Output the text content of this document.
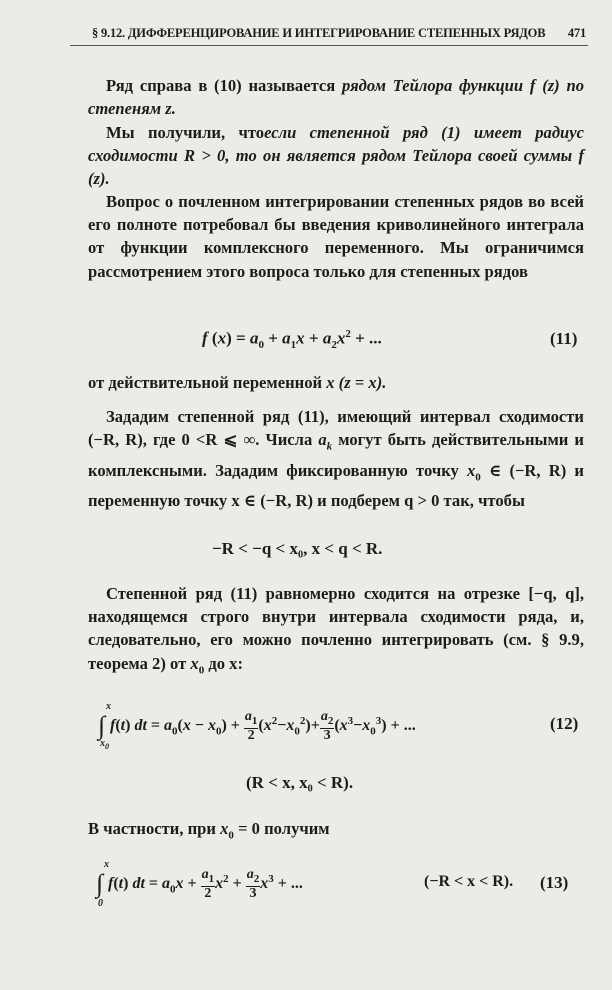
§ 9.12. ДИФФЕРЕНЦИРОВАНИЕ И ИНТЕГРИРОВАНИЕ СТЕПЕННЫХ РЯДОВ 471
Ряд справа в (10) называется рядом Тейлора функции f (z) по степеням z.
Мы получили, чтоесли степенной ряд (1) имеет радиус сходимости R > 0, то он является рядом Тейлора своей суммы f (z).
Вопрос о почленном интегрировании степенных рядов во всей его полноте потребовал бы введения криволинейного интеграла от функции комплексного переменного. Мы ограничимся рассмотрением этого вопроса только для степенных рядов
f $(x) = a_0 + a_1x + a_2x^2$ + ...	(11)
от действительной переменной x (z = x).
Зададим степенной ряд (11), имеющий интервал сходимости (−R, R), где 0 <R ⩽ ∞. Числа $a_k$ могут быть действительными и комплексными. Зададим фиксированную точку $x_0$ ∈ (−R, R) и переменную точку x ∈ (−R, R) и подберем q > 0 так, чтобы
−R < −q < x₀, x < q < R.
Степенной ряд (11) равномерно сходится на отрезке [−q, q], находящемся строго внутри интервала сходимости ряда, и, следовательно, его можно почленно интегрировать (см. § 9.9, теорема 2) от $x_0$ до x:
∫
x
$x_0$
f(t) dt = $a_0(x - x_0) + \frac{a_1}{2} (x^2-x_0^2)+ \frac{a_2}{3} (x^3-x_0^3)$ + ...	(12)
(R < x, x₀ < R).
В частности, при $x_0 = 0$ получим
∫
x
0
f(t) dt = $a_0x + \frac{a_1}{2} x^2 + \frac{a_2}{3} x^3$ + ...	(−R < x < R). (13)
